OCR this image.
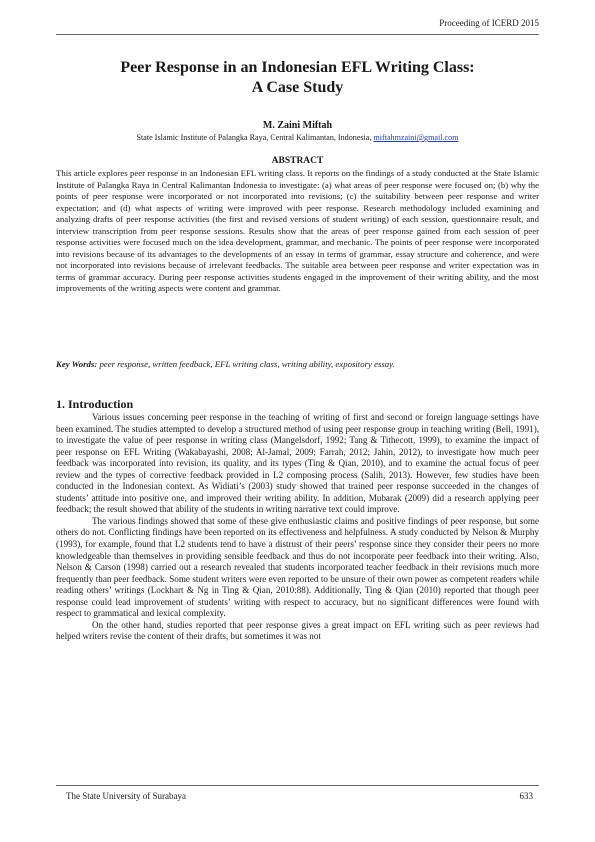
Proceeding of ICERD 2015
Peer Response in an Indonesian EFL Writing Class:
A Case Study
M. Zaini Miftah
State Islamic Institute of Palangka Raya, Central Kalimantan, Indonesia, miftahmzaini@gmail.com
ABSTRACT

This article explores peer response in an Indonesian EFL writing class. It reports on the findings of a study conducted at the State Islamic Institute of Palangka Raya in Central Kalimantan Indonesia to investigate: (a) what areas of peer response were focused on; (b) why the points of peer response were incorporated or not incorporated into revisions; (c) the suitability between peer response and writer expectation; and (d) what aspects of writing were improved with peer response. Research methodology included examining and analyzing drafts of peer response activities (the first and revised versions of student writing) of each session, questionnaire result, and interview transcription from peer response sessions. Results show that the areas of peer response gained from each session of peer response activities were focused much on the idea development, grammar, and mechanic. The points of peer response were incorporated into revisions because of its advantages to the developments of an essay in terms of grammar, essay structure and coherence, and were not incorporated into revisions because of irrelevant feedbacks. The suitable area between peer response and writer expectation was in terms of grammar accuracy. During peer response activities students engaged in the improvement of their writing ability, and the most improvements of the writing aspects were content and grammar.

Key Words: peer response, written feedback, EFL writing class, writing ability, expository essay.

1. Introduction

Various issues concerning peer response in the teaching of writing of first and second or foreign language settings have been examined. The studies attempted to develop a structured method of using peer response group in teaching writing (Bell, 1991), to investigate the value of peer response in writing class (Mangelsdorf, 1992; Tang & Tithecott, 1999), to examine the impact of peer response on EFL Writing (Wakabayashi, 2008; Al-Jamal, 2009; Farrah, 2012; Jahin, 2012), to investigate how much peer feedback was incorporated into revision, its quality, and its types (Ting & Qian, 2010), and to examine the actual focus of peer review and the types of corrective feedback provided in L2 composing process (Salih, 2013). However, few studies have been conducted in the Indonesian context. As Widiati’s (2003) study showed that trained peer response succeeded in the changes of students’ attitude into positive one, and improved their writing ability. In addition, Mubarak (2009) did a research applying peer feedback; the result showed that ability of the students in writing narrative text could improve.

The various findings showed that some of these give enthusiastic claims and positive findings of peer response, but some others do not. Conflicting findings have been reported on its effectiveness and helpfulness. A study conducted by Nelson & Murphy (1993), for example, found that L2 students tend to have a distrust of their peers’ response since they consider their peers no more knowledgeable than themselves in providing sensible feedback and thus do not incorporate peer feedback into their writing. Also, Nelson & Carson (1998) carried out a research revealed that students incorporated teacher feedback in their revisions much more frequently than peer feedback. Some student writers were even reported to be unsure of their own power as competent readers while reading others’ writings (Lockhart & Ng in Ting & Qian, 2010:88). Additionally, Ting & Qian (2010) reported that though peer response could lead improvement of students’ writing with respect to accuracy, but no significant differences were found with respect to grammatical and lexical complexity.

On the other hand, studies reported that peer response gives a great impact on EFL writing such as peer reviews had helped writers revise the content of their drafts, but sometimes it was not

The State University of Surabaya	633
